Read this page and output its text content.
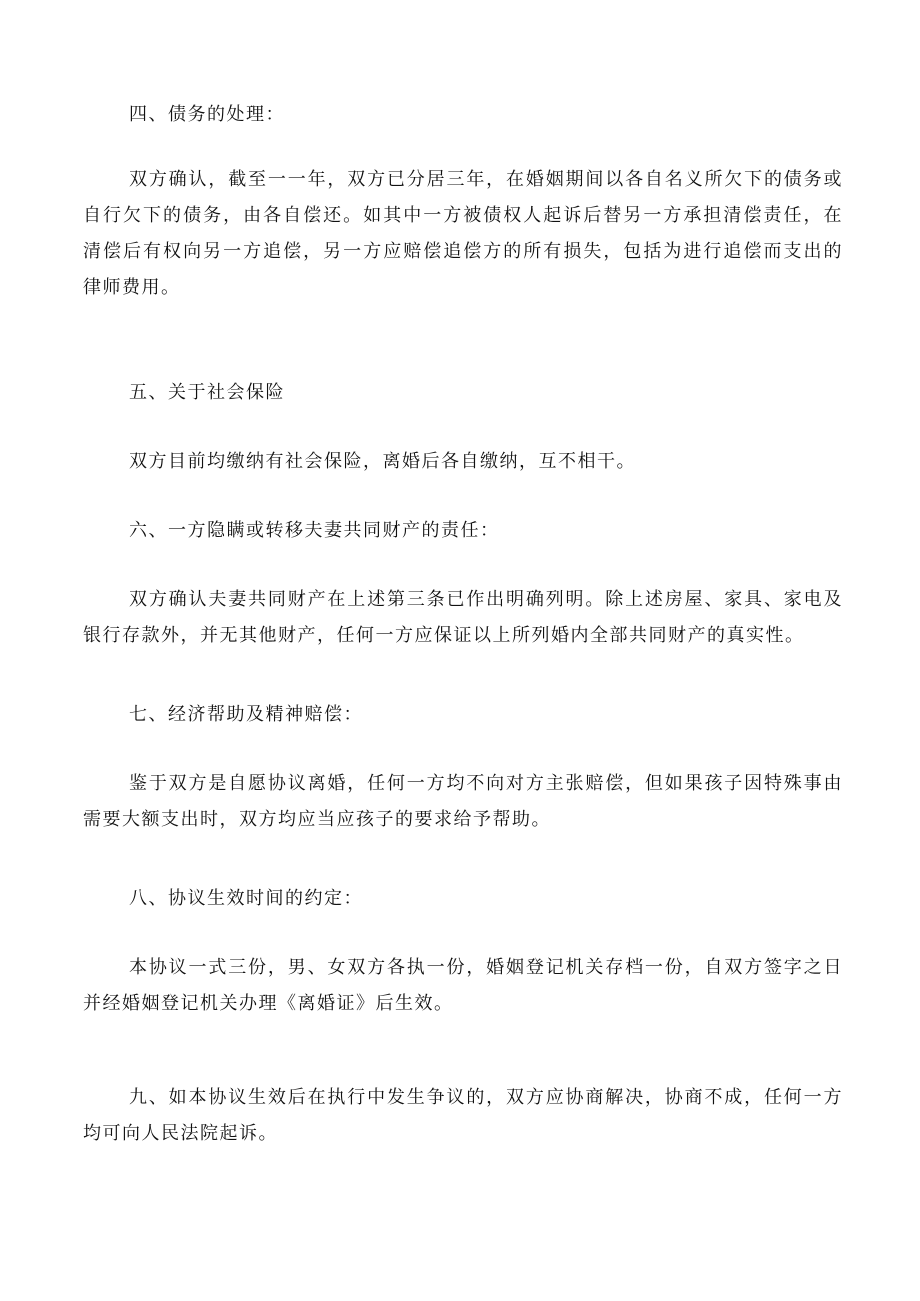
四、债务的处理：

双方确认，截至一一年，双方已分居三年，在婚姻期间以各自名义所欠下的债务或自行欠下的债务，由各自偿还。如其中一方被债权人起诉后替另一方承担清偿责任，在清偿后有权向另一方追偿，另一方应赔偿追偿方的所有损失，包括为进行追偿而支出的律师费用。

五、关于社会保险

双方目前均缴纳有社会保险，离婚后各自缴纳，互不相干。

六、一方隐瞒或转移夫妻共同财产的责任：

双方确认夫妻共同财产在上述第三条已作出明确列明。除上述房屋、家具、家电及银行存款外，并无其他财产，任何一方应保证以上所列婚内全部共同财产的真实性。

七、经济帮助及精神赔偿：

鉴于双方是自愿协议离婚，任何一方均不向对方主张赔偿，但如果孩子因特殊事由需要大额支出时，双方均应当应孩子的要求给予帮助。

八、协议生效时间的约定：

本协议一式三份，男、女双方各执一份，婚姻登记机关存档一份，自双方签字之日并经婚姻登记机关办理《离婚证》后生效。

九、如本协议生效后在执行中发生争议的，双方应协商解决，协商不成，任何一方均可向人民法院起诉。
